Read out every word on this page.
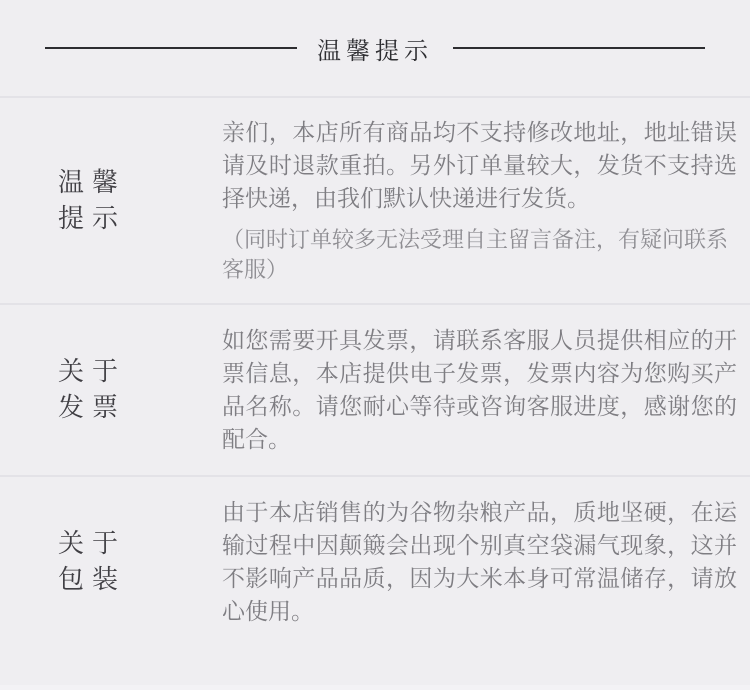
温馨提示
温馨
提示

亲们，本店所有商品均不支持修改地址，地址错误请及时退款重拍。另外订单量较大，发货不支持选择快递，由我们默认快递进行发货。

（同时订单较多无法受理自主留言备注，有疑问联系客服）

关于
发票

如您需要开具发票，请联系客服人员提供相应的开票信息，本店提供电子发票，发票内容为您购买产品名称。请您耐心等待或咨询客服进度，感谢您的配合。

关于
包装

由于本店销售的为谷物杂粮产品，质地坚硬，在运输过程中因颠簸会出现个别真空袋漏气现象，这并不影响产品品质，因为大米本身可常温储存，请放心使用。
